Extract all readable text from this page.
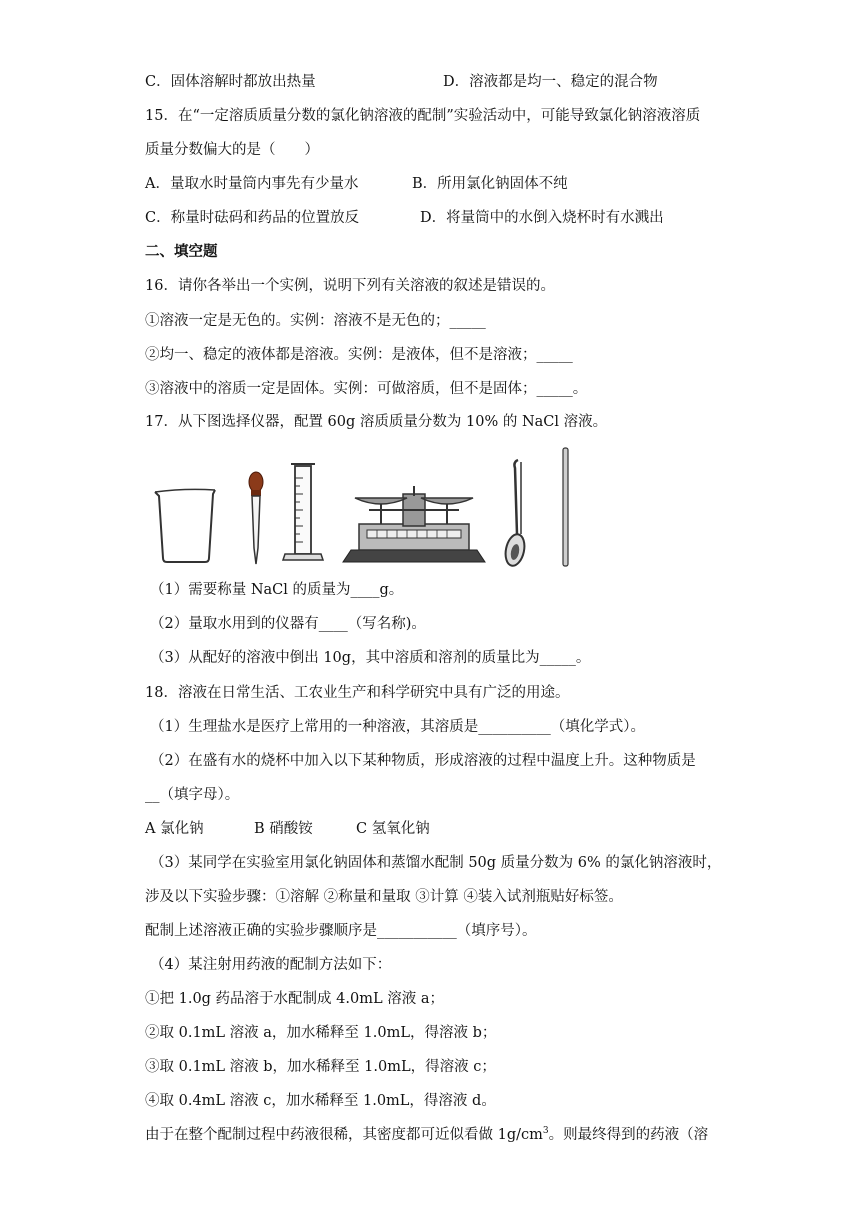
C．固体溶解时都放出热量	D．溶液都是均一、稳定的混合物
15．在“一定溶质质量分数的氯化钠溶液的配制”实验活动中，可能导致氯化钠溶液溶质
质量分数偏大的是（　　）
A．量取水时量筒内事先有少量水	B．所用氯化钠固体不纯
C．称量时砝码和药品的位置放反	D．将量筒中的水倒入烧杯时有水溅出
二、填空题
16．请你各举出一个实例，说明下列有关溶液的叙述是错误的。
①溶液一定是无色的。实例：溶液不是无色的；_____
②均一、稳定的液体都是溶液。实例：是液体，但不是溶液；_____
③溶液中的溶质一定是固体。实例：可做溶质，但不是固体；_____。
17．从下图选择仪器，配置 60g 溶质质量分数为 10% 的 NaCl 溶液。
（1）需要称量 NaCl 的质量为____g。
（2）量取水用到的仪器有____（写名称)。
（3）从配好的溶液中倒出 10g，其中溶质和溶剂的质量比为_____。
18．溶液在日常生活、工农业生产和科学研究中具有广泛的用途。
（1）生理盐水是医疗上常用的一种溶液，其溶质是__________（填化学式）。
（2）在盛有水的烧杯中加入以下某种物质，形成溶液的过程中温度上升。这种物质是
__（填字母）。
A 氯化钠	B 硝酸铵	C 氢氧化钠
（3）某同学在实验室用氯化钠固体和蒸馏水配制 50g 质量分数为 6% 的氯化钠溶液时，
涉及以下实验步骤：①溶解 ②称量和量取 ③计算 ④装入试剂瓶贴好标签。
配制上述溶液正确的实验步骤顺序是___________（填序号）。
（4）某注射用药液的配制方法如下：
①把 1.0g 药品溶于水配制成 4.0mL 溶液 a；
②取 0.1mL 溶液 a，加水稀释至 1.0mL，得溶液 b；
③取 0.1mL 溶液 b，加水稀释至 1.0mL，得溶液 c；
④取 0.4mL 溶液 c，加水稀释至 1.0mL，得溶液 d。
由于在整个配制过程中药液很稀，其密度都可近似看做 $1g/cm^3$。则最终得到的药液（溶
